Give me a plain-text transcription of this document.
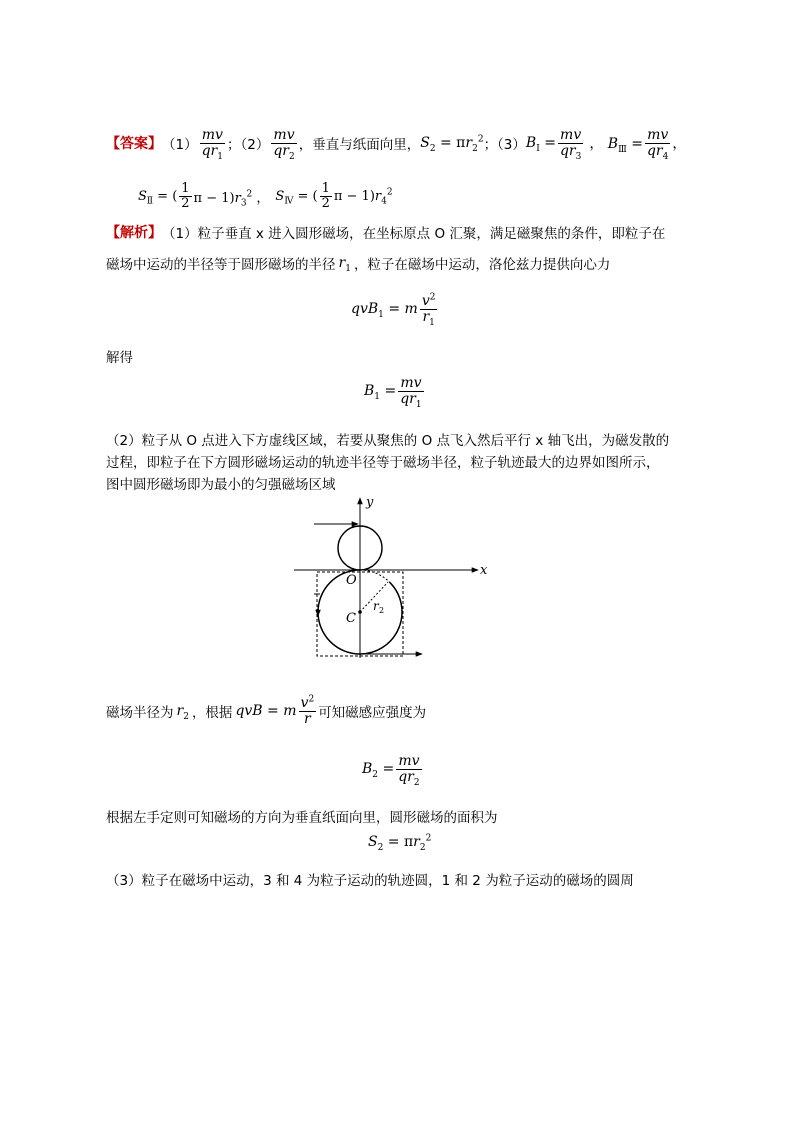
【答案】 $(1) \frac{mv}{qr_1}$ ；$(2) \frac{mv}{qr_2}$ ，垂直与纸面向里， $S_2 = \pi r_2^2$ ；（3） $B_Ⅰ = \frac{mv}{qr_3}$ ， $B_Ⅲ = \frac{mv}{qr_4}$ ，
$S_Ⅱ$ = ( $\frac{1}{2}$ $\pi - 1)r_3^2$ ， $S_Ⅳ$ = ( $\frac{1}{2}$ $\pi - 1)r_4^2$
【解析】 （1）粒子垂直 x 进入圆形磁场，在坐标原点 O 汇聚，满足磁聚焦的条件，即粒子在
磁场中运动的半径等于圆形磁场的半径 $r_1$ ，粒子在磁场中运动，洛伦兹力提供向心力
qvB$_1$ = m $\frac{v^2}{r_1}$
解得
$B_1 = \frac{mv}{qr_1}$
（2）粒子从 O 点进入下方虚线区域，若要从聚焦的 O 点飞入然后平行 x 轴飞出，为磁发散的
过程，即粒子在下方圆形磁场运动的轨迹半径等于磁场半径，粒子轨迹最大的边界如图所示，
图中圆形磁场即为最小的匀强磁场区域
y
x
O
C
r 2
磁场半径为 $r_2$ ，根据 qvB = m $\frac{v^2}{r}$ 可知磁感应强度为
$B_2 = \frac{mv}{qr_2}$
根据左手定则可知磁场的方向为垂直纸面向里，圆形磁场的面积为
$S_2 = \pi r_2^2$
（3）粒子在磁场中运动，3 和 4 为粒子运动的轨迹圆，1 和 2 为粒子运动的磁场的圆周
